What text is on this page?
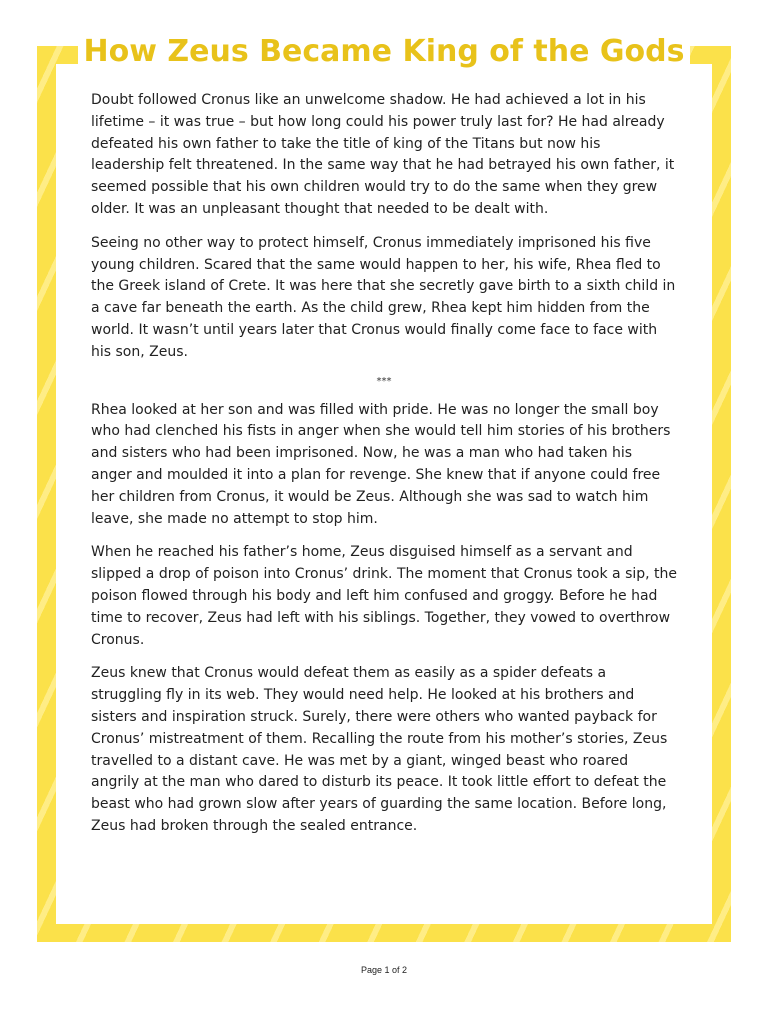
How Zeus Became King of the Gods

Doubt followed Cronus like an unwelcome shadow. He had achieved a lot in his lifetime – it was true – but how long could his power truly last for? He had already defeated his own father to take the title of king of the Titans but now his leadership felt threatened. In the same way that he had betrayed his own father, it seemed possible that his own children would try to do the same when they grew older. It was an unpleasant thought that needed to be dealt with.

Seeing no other way to protect himself, Cronus immediately imprisoned his five young children. Scared that the same would happen to her, his wife, Rhea fled to the Greek island of Crete. It was here that she secretly gave birth to a sixth child in a cave far beneath the earth. As the child grew, Rhea kept him hidden from the world. It wasn’t until years later that Cronus would finally come face to face with his son, Zeus.

***

Rhea looked at her son and was filled with pride. He was no longer the small boy who had clenched his fists in anger when she would tell him stories of his brothers and sisters who had been imprisoned. Now, he was a man who had taken his anger and moulded it into a plan for revenge. She knew that if anyone could free her children from Cronus, it would be Zeus. Although she was sad to watch him leave, she made no attempt to stop him.

When he reached his father’s home, Zeus disguised himself as a servant and slipped a drop of poison into Cronus’ drink. The moment that Cronus took a sip, the poison flowed through his body and left him confused and groggy. Before he had time to recover, Zeus had left with his siblings. Together, they vowed to overthrow Cronus.

Zeus knew that Cronus would defeat them as easily as a spider defeats a struggling fly in its web. They would need help. He looked at his brothers and sisters and inspiration struck. Surely, there were others who wanted payback for Cronus’ mistreatment of them. Recalling the route from his mother’s stories, Zeus travelled to a distant cave. He was met by a giant, winged beast who roared angrily at the man who dared to disturb its peace. It took little effort to defeat the beast who had grown slow after years of guarding the same location. Before long, Zeus had broken through the sealed entrance.

Page 1 of 2
